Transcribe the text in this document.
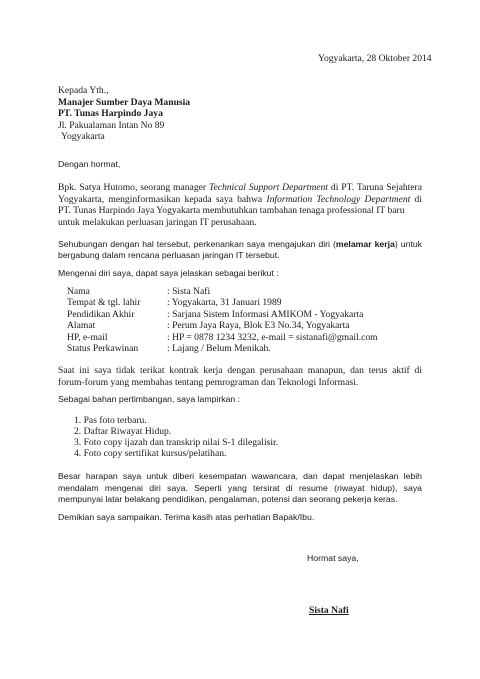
Yogyakarta, 28 Oktober 2014
Kepada Yth.,
Manajer Sumber Daya Manusia
PT. Tunas Harpindo Jaya
Jl. Pakualaman Intan No 89
Yogyakarta
Dengan hormat,
Bpk. Satya Hutomo, seorang manager Technical Support Department di PT. Taruna Sejahtera
Yogyakarta, menginformasikan kepada saya bahwa Information Technology Department di
PT. Tunas Harpindo Jaya Yogyakarta membutuhkan tambahan tenaga professional IT baru
untuk melakukan perluasan jaringan IT perusahaan.
Sehubungan dengan hal tersebut, perkenankan saya mengajukan diri (melamar kerja) untuk
bergabung dalam rencana perluasan jaringan IT tersebut.
Mengenai diri saya, dapat saya jelaskan sebagai berikut :
Nama	: Sista Nafi
Tempat & tgl. lahir	: Yogyakarta, 31 Januari 1989
Pendidikan Akhir	: Sarjana Sistem Informasi AMIKOM - Yogyakarta
Alamat	: Perum Jaya Raya, Blok E3 No.34, Yogyakarta
HP, e-mail	: HP = 0878 1234 3232, e-mail = sistanafi@gmail.com
Status Perkawinan	: Lajang / Belum Menikah.
Saat ini saya tidak terikat kontrak kerja dengan perusahaan manapun, dan terus aktif di
forum-forum yang membahas tentang pemrograman dan Teknologi Informasi.
Sebagai bahan pertimbangan, saya lampirkan :
1. Pas foto terbaru.
2. Daftar Riwayat Hidup.
3. Foto copy ijazah dan transkrip nilai S-1 dilegalisir.
4. Foto copy sertifikat kursus/pelatihan.
Besar harapan saya untuk diberi kesempatan wawancara, dan dapat menjelaskan lebih
mendalam mengenai diri saya. Seperti yang tersirat di resume (riwayat hidup), saya
mempunyai latar belakang pendidikan, pengalaman, potensi dan seorang pekerja keras.
Demikian saya sampaikan. Terima kasih atas perhatian Bapak/Ibu.
Hormat saya,
Sista Nafi
